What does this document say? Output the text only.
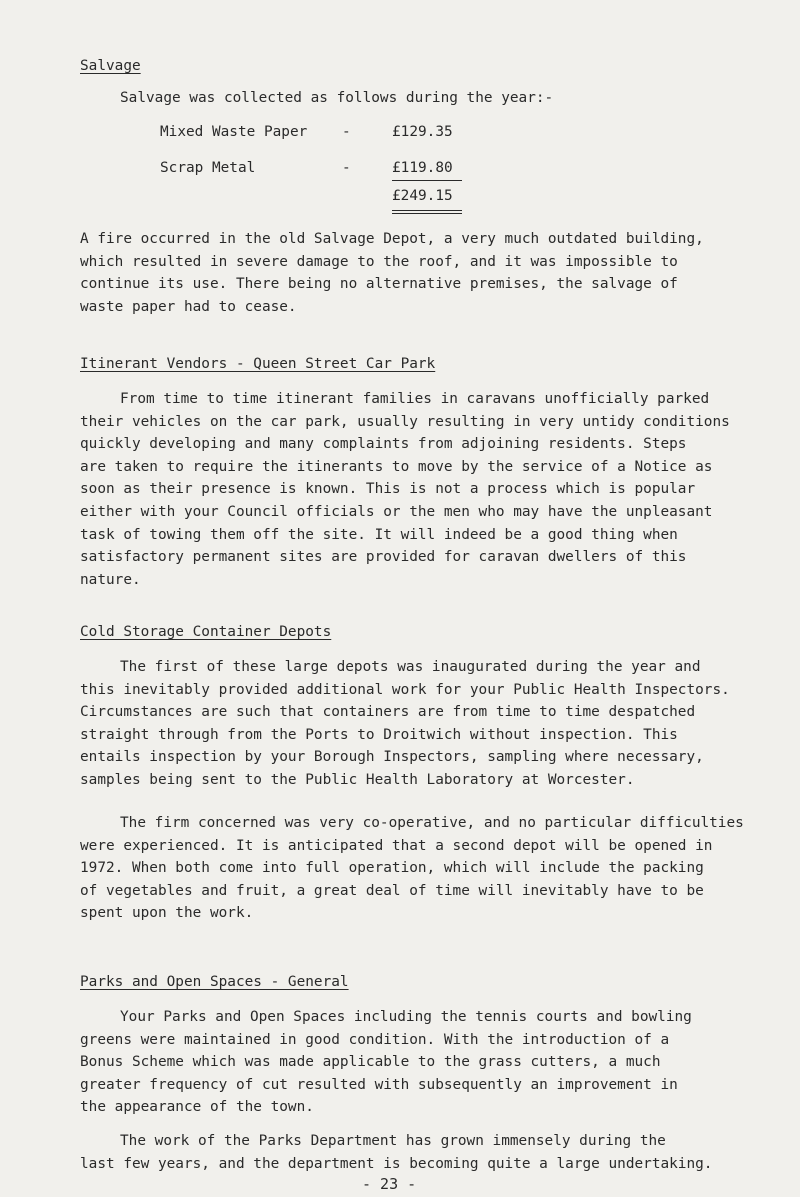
Salvage
Salvage was collected as follows during the year:-
Mixed Waste Paper -	£129.35
Scrap Metal	-	£119.80
£249.15
A fire occurred in the old Salvage Depot, a very much outdated building,
which resulted in severe damage to the roof, and it was impossible to
continue its use. There being no alternative premises, the salvage of
waste paper had to cease.
Itinerant Vendors - Queen Street Car Park
From time to time itinerant families in caravans unofficially parked
their vehicles on the car park, usually resulting in very untidy conditions
quickly developing and many complaints from adjoining residents. Steps
are taken to require the itinerants to move by the service of a Notice as
soon as their presence is known. This is not a process which is popular
either with your Council officials or the men who may have the unpleasant
task of towing them off the site. It will indeed be a good thing when
satisfactory permanent sites are provided for caravan dwellers of this
nature.
Cold Storage Container Depots
The first of these large depots was inaugurated during the year and
this inevitably provided additional work for your Public Health Inspectors.
Circumstances are such that containers are from time to time despatched
straight through from the Ports to Droitwich without inspection. This
entails inspection by your Borough Inspectors, sampling where necessary,
samples being sent to the Public Health Laboratory at Worcester.
The firm concerned was very co-operative, and no particular difficulties
were experienced. It is anticipated that a second depot will be opened in
1972. When both come into full operation, which will include the packing
of vegetables and fruit, a great deal of time will inevitably have to be
spent upon the work.
Parks and Open Spaces - General
Your Parks and Open Spaces including the tennis courts and bowling
greens were maintained in good condition. With the introduction of a
Bonus Scheme which was made applicable to the grass cutters, a much
greater frequency of cut resulted with subsequently an improvement in
the appearance of the town.
The work of the Parks Department has grown immensely during the
last few years, and the department is becoming quite a large undertaking.
- 23 -
